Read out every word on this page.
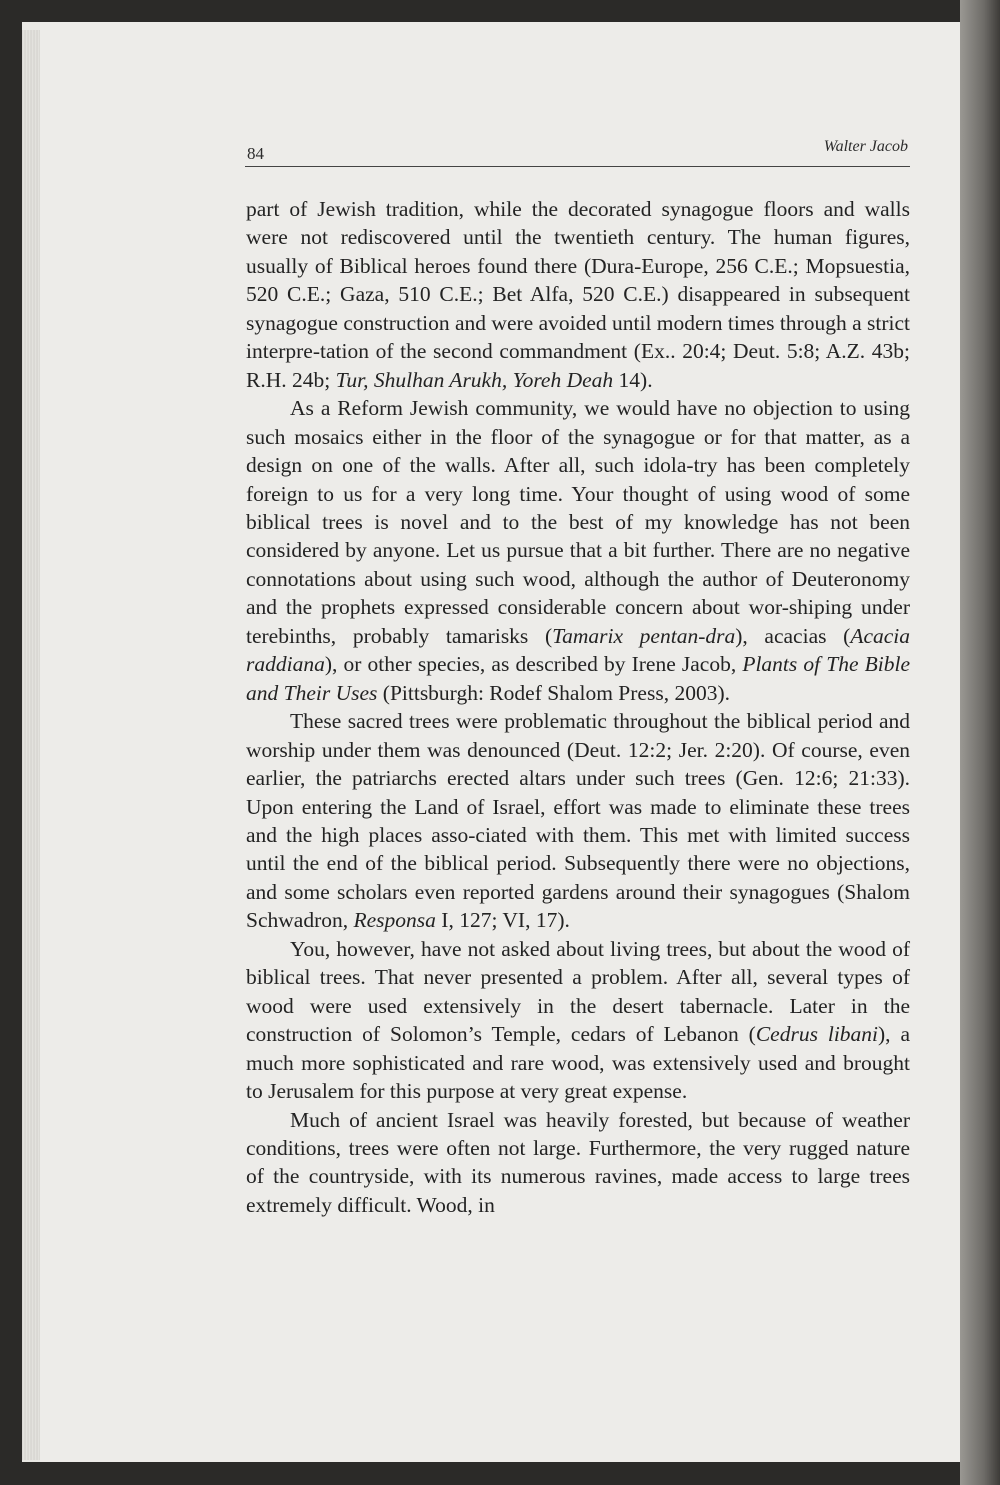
84	Walter Jacob

part of Jewish tradition, while the decorated synagogue floors and walls were not rediscovered until the twentieth century. The human figures, usually of Biblical heroes found there (Dura-Europe, 256 C.E.; Mopsuestia, 520 C.E.; Gaza, 510 C.E.; Bet Alfa, 520 C.E.) disappeared in subsequent synagogue construction and were avoided until modern times through a strict interpre-tation of the second commandment (Ex.. 20:4; Deut. 5:8; A.Z. 43b; R.H. 24b; Tur, Shulhan Arukh, Yoreh Deah 14).

As a Reform Jewish community, we would have no objection to using such mosaics either in the floor of the synagogue or for that matter, as a design on one of the walls. After all, such idola-try has been completely foreign to us for a very long time. Your thought of using wood of some biblical trees is novel and to the best of my knowledge has not been considered by anyone. Let us pursue that a bit further. There are no negative connotations about using such wood, although the author of Deuteronomy and the prophets expressed considerable concern about wor-shiping under terebinths, probably tamarisks (Tamarix pentan-dra), acacias (Acacia raddiana), or other species, as described by Irene Jacob, Plants of The Bible and Their Uses (Pittsburgh: Rodef Shalom Press, 2003).

These sacred trees were problematic throughout the biblical period and worship under them was denounced (Deut. 12:2; Jer. 2:20). Of course, even earlier, the patriarchs erected altars under such trees (Gen. 12:6; 21:33). Upon entering the Land of Israel, effort was made to eliminate these trees and the high places asso-ciated with them. This met with limited success until the end of the biblical period. Subsequently there were no objections, and some scholars even reported gardens around their synagogues (Shalom Schwadron, Responsa I, 127; VI, 17).

You, however, have not asked about living trees, but about the wood of biblical trees. That never presented a problem. After all, several types of wood were used extensively in the desert tabernacle. Later in the construction of Solomon’s Temple, cedars of Lebanon (Cedrus libani), a much more sophisticated and rare wood, was extensively used and brought to Jerusalem for this purpose at very great expense.

Much of ancient Israel was heavily forested, but because of weather conditions, trees were often not large. Furthermore, the very rugged nature of the countryside, with its numerous ravines, made access to large trees extremely difficult. Wood, in
